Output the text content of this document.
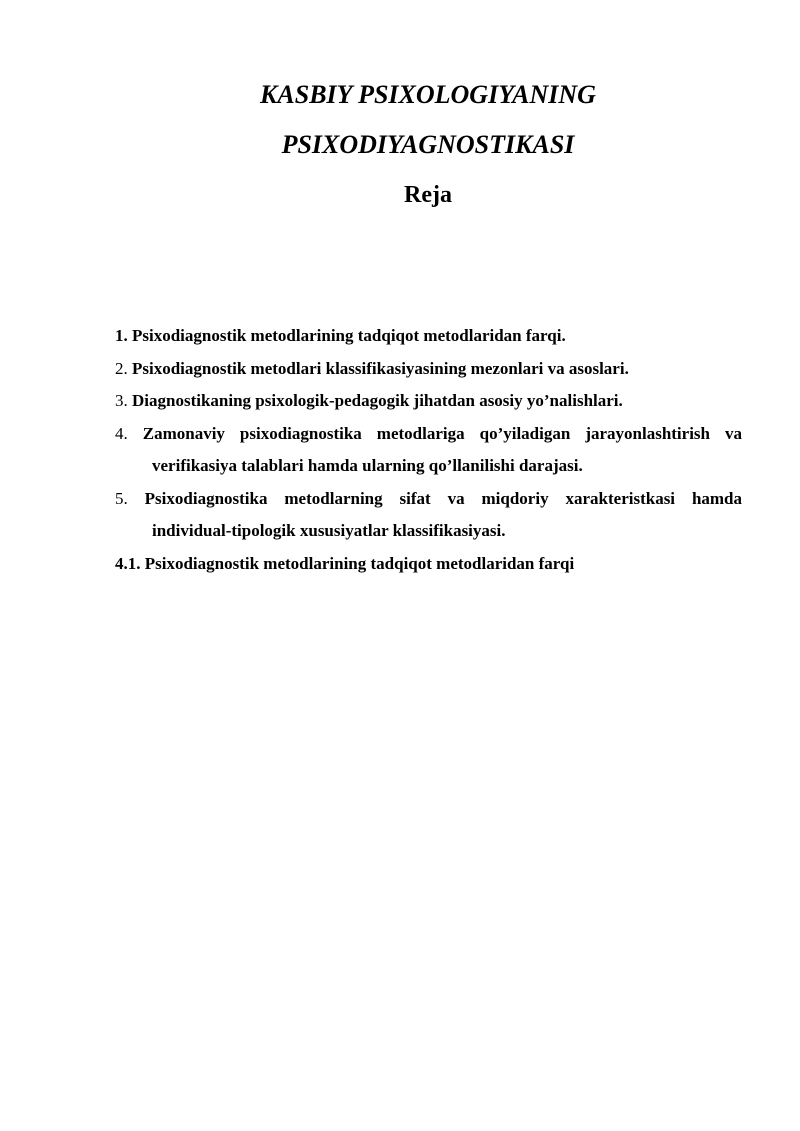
KASBIY PSIXOLOGIYANING
PSIXODIYAGNOSTIKASI
Reja

1. Psixodiagnostik metodlarining tadqiqot metodlaridan farqi.

2. Psixodiagnostik metodlari klassifikasiyasining mezonlari va asoslari.

3. Diagnostikaning psixologik-pedagogik jihatdan asosiy yo’nalishlari.

4. Zamonaviy psixodiagnostika metodlariga qo’yiladigan jarayonlashtirish va
verifikasiya talablari hamda ularning qo’llanilishi darajasi.

5. Psixodiagnostika metodlarning sifat va miqdoriy xarakteristkasi hamda
individual-tipologik xususiyatlar klassifikasiyasi.

4.1. Psixodiagnostik metodlarining tadqiqot metodlaridan farqi
